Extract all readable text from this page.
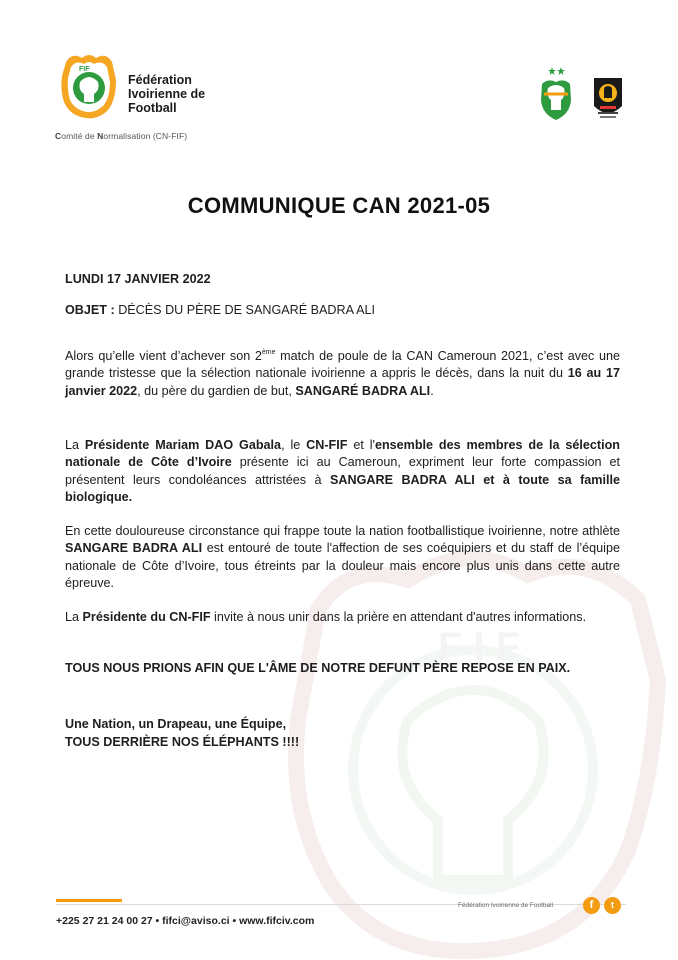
F I F
FIF
Fédération
Ivoirienne de
Football
Comité de Normalisation (CN-FIF)
COMMUNIQUE CAN 2021-05
LUNDI 17 JANVIER 2022
OBJET : DÉCÈS DU PÈRE DE SANGARÉ BADRA ALI

Alors qu’elle vient d’achever son 2ème match de poule de la CAN Cameroun 2021, c’est avec une grande tristesse que la sélection nationale ivoirienne a appris le décès, dans la nuit du 16 au 17 janvier 2022, du père du gardien de but, SANGARÉ BADRA ALI.

La Présidente Mariam DAO Gabala, le CN-FIF et l'ensemble des membres de la sélection nationale de Côte d’Ivoire présente ici au Cameroun, expriment leur forte compassion et présentent leurs condoléances attristées à SANGARE BADRA ALI et à toute sa famille biologique.

En cette douloureuse circonstance qui frappe toute la nation footballistique ivoirienne, notre athlète SANGARE BADRA ALI est entouré de toute l'affection de ses coéquipiers et du staff de l’équipe nationale de Côte d’Ivoire, tous étreints par la douleur mais encore plus unis dans cette autre épreuve.

La Présidente du CN-FIF invite à nous unir dans la prière en attendant d'autres informations.

TOUS NOUS PRIONS AFIN QUE L'ÂME DE NOTRE DEFUNT PÈRE REPOSE EN PAIX.

Une Nation, un Drapeau, une Équipe,
TOUS DERRIÈRE NOS ÉLÉPHANTS !!!!
+225 27 21 24 00 27 • fifci@aviso.ci • www.fifciv.com
Fédération Ivoirienne de Football	f	t
